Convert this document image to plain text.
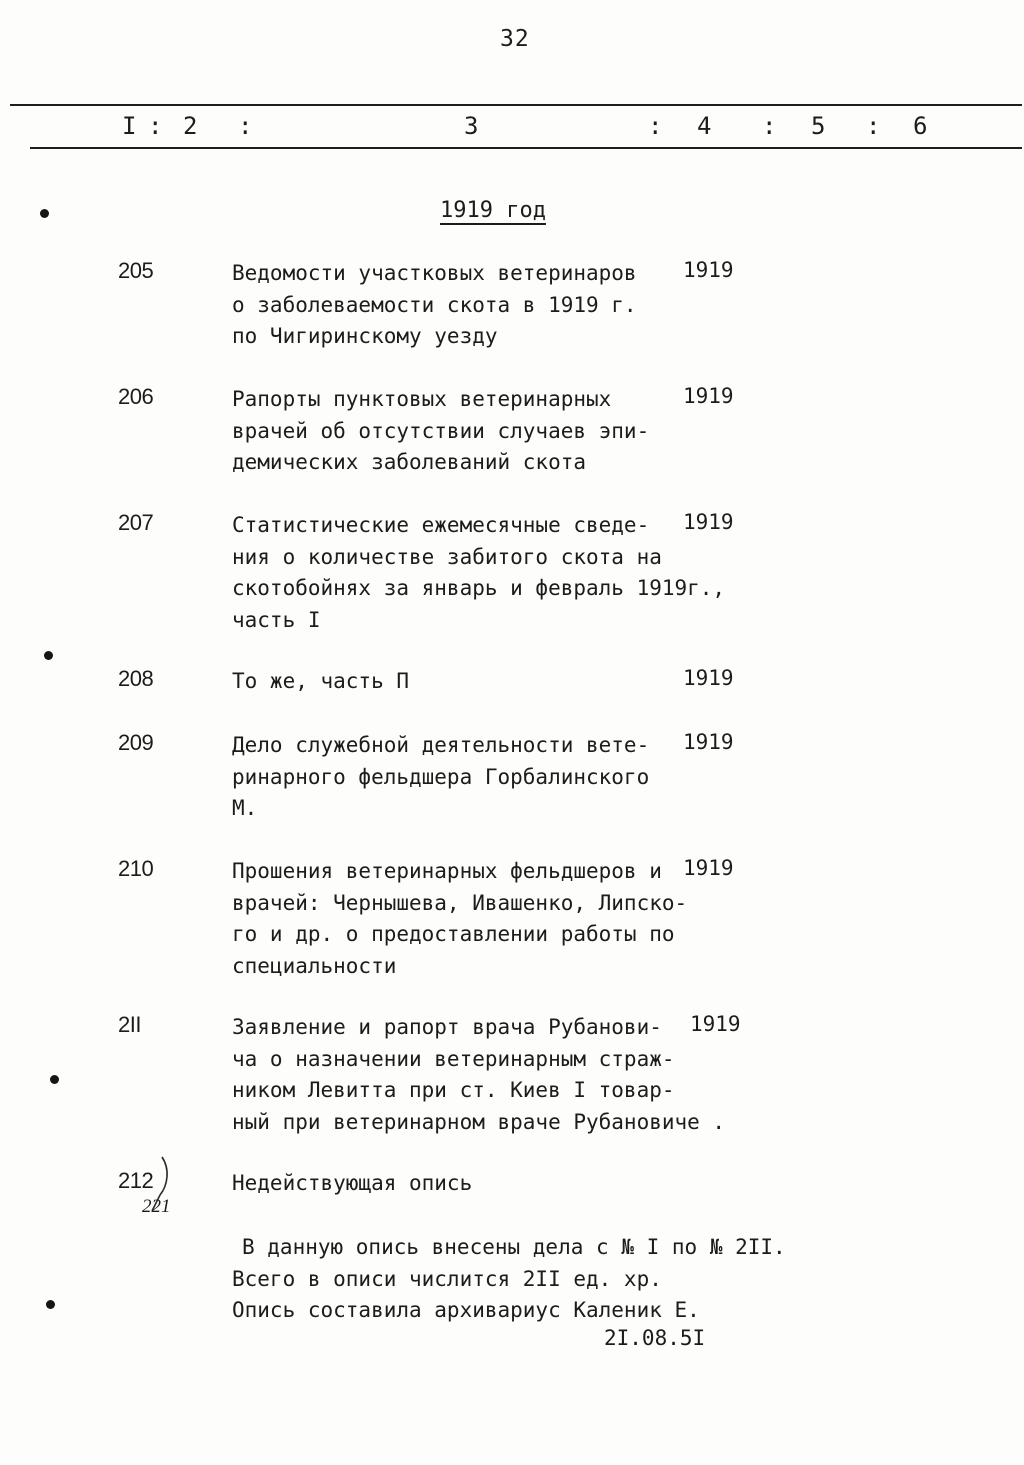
32
I : 2 :	3	: 4 : 5 : 6
1919 год
205	Ведомости участковых ветеринаров
о заболеваемости скота в 1919 г.
по Чигиринскому уезду
1919
206	Рапорты пунктовых ветеринарных
врачей об отсутствии случаев эпи-
демических заболеваний скота
1919
207	Статистические ежемесячные сведе-
ния о количестве забитого скота на
скотобойнях за январь и февраль 1919г.,
часть I
1919
208	То же, часть П	1919
209	Дело служебной деятельности вете-
ринарного фельдшера Горбалинского
М.
1919
210	Прошения ветеринарных фельдшеров и
врачей: Чернышева, Ивашенко, Липско-
го и др. о предоставлении работы по
специальности
1919
2II	Заявление и рапорт врача Рубанови-
ча о назначении ветеринарным страж-
ником Левитта при ст. Киев I товар-
ный при ветеринарном враче Рубановиче .
1919
212	Недействующая опись
221
В данную опись внесены дела с № I по № 2II.
Всего в описи числится 2II ед. хр.
Опись составила архивариус Каленик Е.
2I.08.5I
